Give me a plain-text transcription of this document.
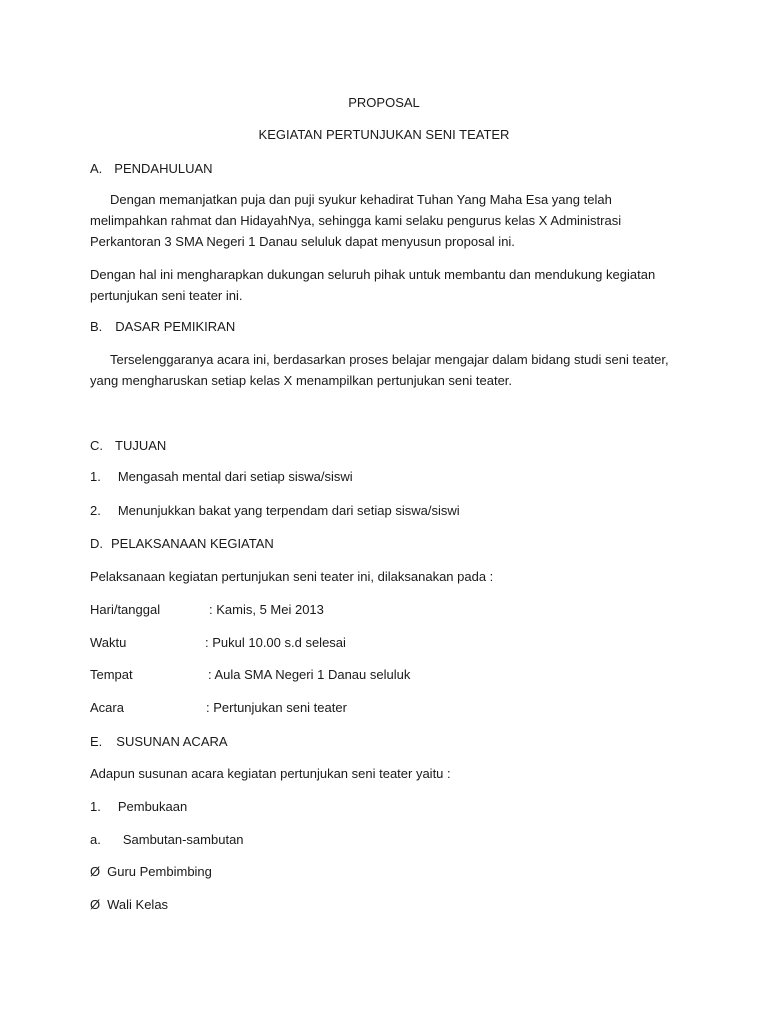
PROPOSAL
KEGIATAN PERTUNJUKAN SENI TEATER
A. PENDAHULUAN
Dengan memanjatkan puja dan puji syukur kehadirat Tuhan Yang Maha Esa yang telah melimpahkan rahmat dan HidayahNya, sehingga kami selaku pengurus kelas X Administrasi Perkantoran 3 SMA Negeri 1 Danau seluluk dapat menyusun proposal ini.
Dengan hal ini mengharapkan dukungan seluruh pihak untuk membantu dan mendukung kegiatan pertunjukan seni teater ini.
B. DASAR PEMIKIRAN
Terselenggaranya acara ini, berdasarkan proses belajar mengajar dalam bidang studi seni teater, yang mengharuskan setiap kelas X menampilkan pertunjukan seni teater.
C. TUJUAN
1. Mengasah mental dari setiap siswa/siswi
2. Menunjukkan bakat yang terpendam dari setiap siswa/siswi
D. PELAKSANAAN KEGIATAN
Pelaksanaan kegiatan pertunjukan seni teater ini, dilaksanakan pada :
Hari/tanggal	: Kamis, 5 Mei 2013
Waktu	: Pukul 10.00 s.d selesai
Tempat	: Aula SMA Negeri 1 Danau seluluk
Acara	: Pertunjukan seni teater
E. SUSUNAN ACARA
Adapun susunan acara kegiatan pertunjukan seni teater yaitu :
1. Pembukaan
a. Sambutan-sambutan
Ø Guru Pembimbing
Ø Wali Kelas
